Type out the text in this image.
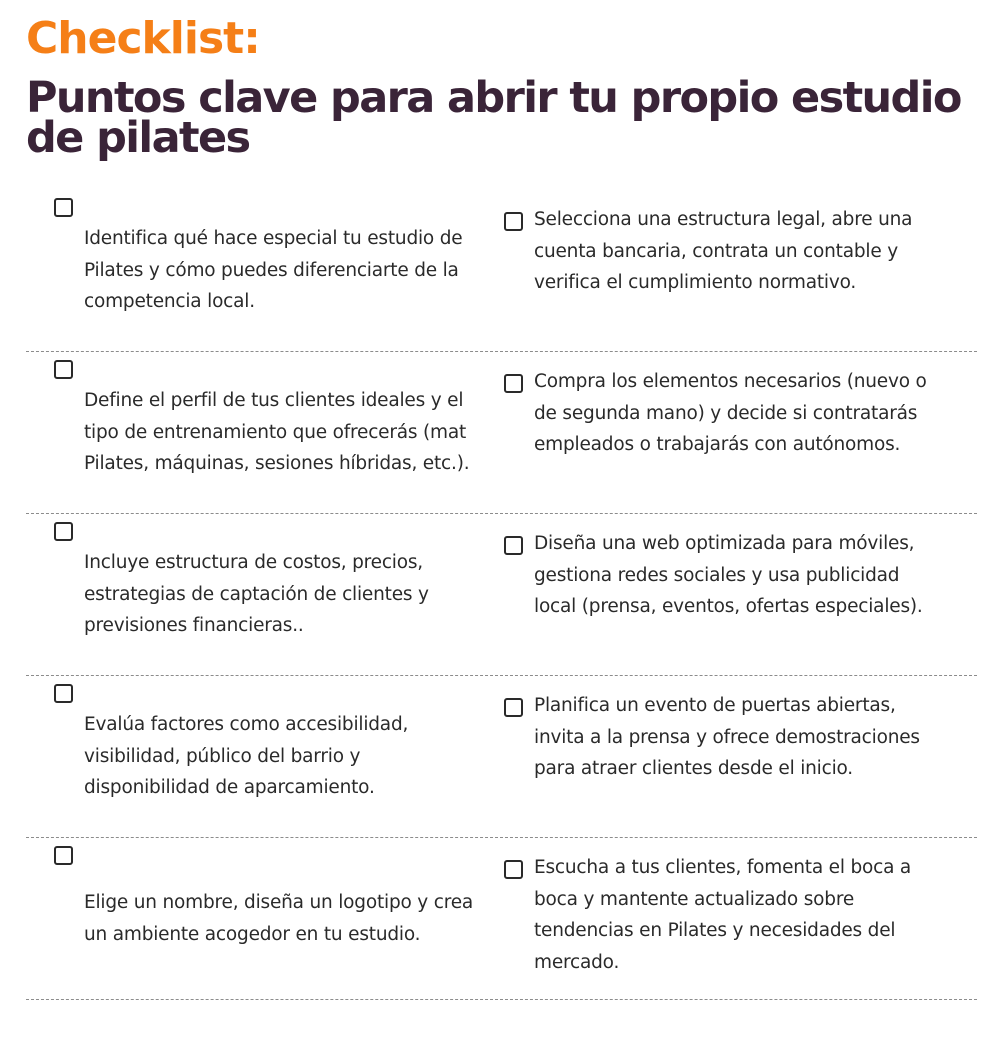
Checklist:
Puntos clave para abrir tu propio estudio de pilates
Identifica qué hace especial tu estudio de Pilates y cómo puedes diferenciarte de la competencia local.
Selecciona una estructura legal, abre una cuenta bancaria, contrata un contable y verifica el cumplimiento normativo.
Define el perfil de tus clientes ideales y el tipo de entrenamiento que ofrecerás (mat Pilates, máquinas, sesiones híbridas, etc.).
Compra los elementos necesarios (nuevo o de segunda mano) y decide si contratarás empleados o trabajarás con autónomos.
Incluye estructura de costos, precios, estrategias de captación de clientes y previsiones financieras..
Diseña una web optimizada para móviles, gestiona redes sociales y usa publicidad local (prensa, eventos, ofertas especiales).
Evalúa factores como accesibilidad, visibilidad, público del barrio y disponibilidad de aparcamiento.
Planifica un evento de puertas abiertas, invita a la prensa y ofrece demostraciones para atraer clientes desde el inicio.
Elige un nombre, diseña un logotipo y crea un ambiente acogedor en tu estudio.
Escucha a tus clientes, fomenta el boca a boca y mantente actualizado sobre tendencias en Pilates y necesidades del mercado.
